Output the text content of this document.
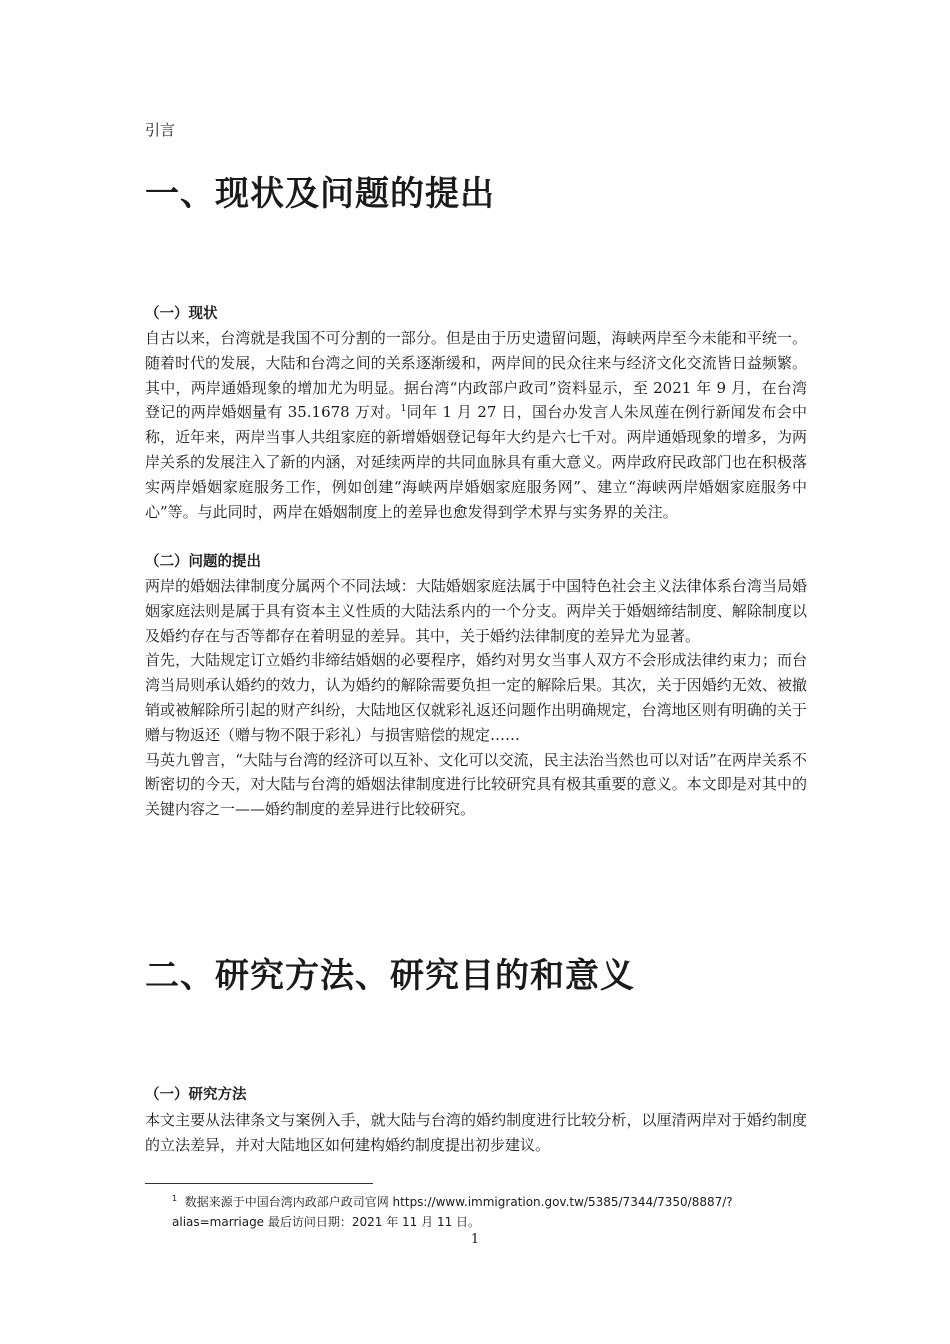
引言
一、现状及问题的提出
（一）现状

自古以来，台湾就是我国不可分割的一部分。但是由于历史遗留问题，海峡两岸至今未能和平统一。随着时代的发展，大陆和台湾之间的关系逐渐缓和，两岸间的民众往来与经济文化交流皆日益频繁。其中，两岸通婚现象的增加尤为明显。据台湾“内政部户政司”资料显示，至 2021 年 9 月，在台湾登记的两岸婚姻量有 35.1678 万对。$^1$同年 1 月 27 日，国台办发言人朱凤莲在例行新闻发布会中称，近年来，两岸当事人共组家庭的新增婚姻登记每年大约是六七千对。两岸通婚现象的增多，为两岸关系的发展注入了新的内涵，对延续两岸的共同血脉具有重大意义。两岸政府民政部门也在积极落实两岸婚姻家庭服务工作，例如创建“海峡两岸婚姻家庭服务网”、建立“海峡两岸婚姻家庭服务中心”等。与此同时，两岸在婚姻制度上的差异也愈发得到学术界与实务界的关注。

（二）问题的提出

两岸的婚姻法律制度分属两个不同法域：大陆婚姻家庭法属于中国特色社会主义法律体系台湾当局婚姻家庭法则是属于具有资本主义性质的大陆法系内的一个分支。两岸关于婚姻缔结制度、解除制度以及婚约存在与否等都存在着明显的差异。其中，关于婚约法律制度的差异尤为显著。

首先，大陆规定订立婚约非缔结婚姻的必要程序，婚约对男女当事人双方不会形成法律约束力；而台湾当局则承认婚约的效力，认为婚约的解除需要负担一定的解除后果。其次，关于因婚约无效、被撤销或被解除所引起的财产纠纷，大陆地区仅就彩礼返还问题作出明确规定，台湾地区则有明确的关于赠与物返还（赠与物不限于彩礼）与损害赔偿的规定……

马英九曾言，“大陆与台湾的经济可以互补、文化可以交流，民主法治当然也可以对话”在两岸关系不断密切的今天，对大陆与台湾的婚姻法律制度进行比较研究具有极其重要的意义。本文即是对其中的关键内容之一——婚约制度的差异进行比较研究。

二、研究方法、研究目的和意义
（一）研究方法

本文主要从法律条文与案例入手，就大陆与台湾的婚约制度进行比较分析，以厘清两岸对于婚约制度的立法差异，并对大陆地区如何建构婚约制度提出初步建议。

$^1$ 数据来源于中国台湾内政部户政司官网 https://www.immigration.gov.tw/5385/7344/7350/8887/?alias=marriage 最后访问日期：2021 年 11 月 11 日。
1
